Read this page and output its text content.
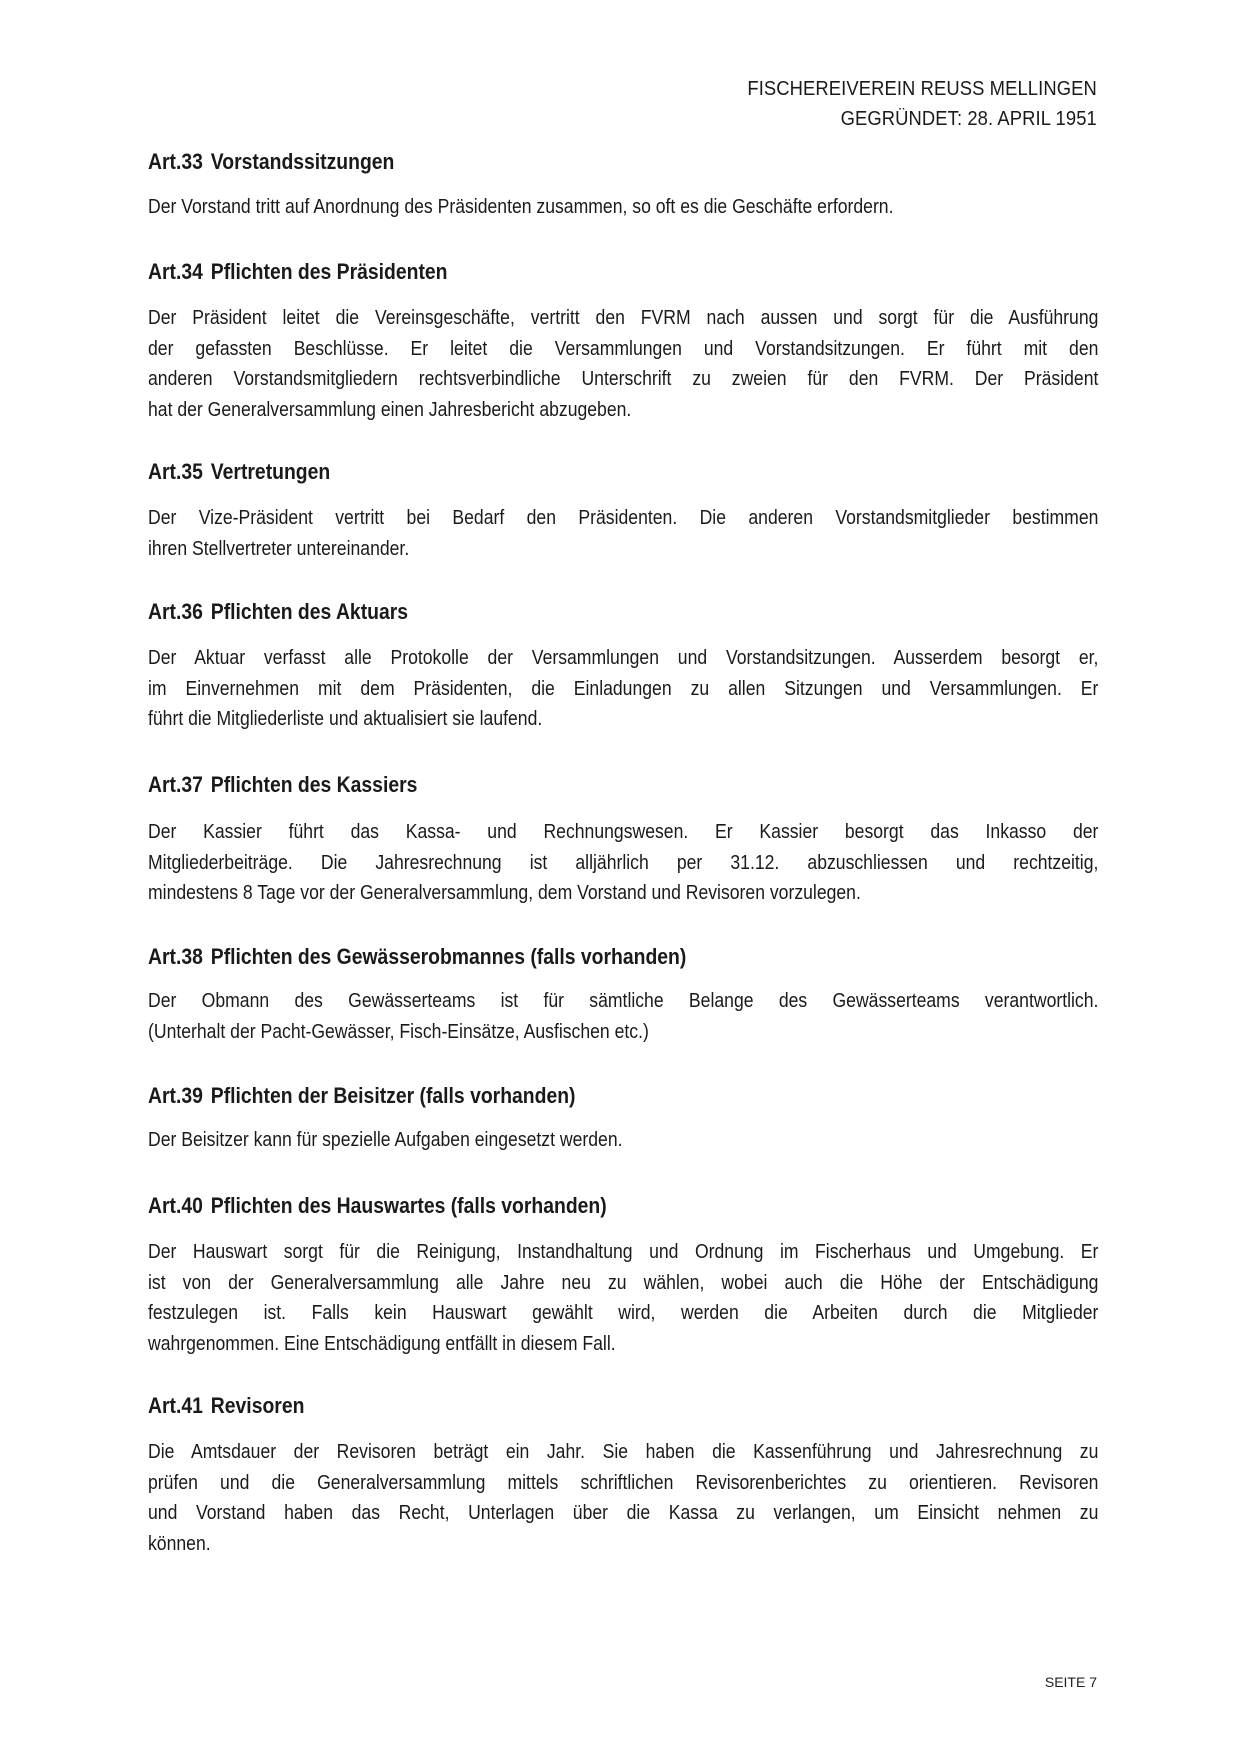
FISCHEREIVEREIN REUSS MELLINGEN
GEGRÜNDET: 28. APRIL 1951
Art.33 Vorstandssitzungen
Der Vorstand tritt auf Anordnung des Präsidenten zusammen, so oft es die Geschäfte erfordern.
Art.34 Pflichten des Präsidenten
Der Präsident leitet die Vereinsgeschäfte, vertritt den FVRM nach aussen und sorgt für die Ausführung
der gefassten Beschlüsse. Er leitet die Versammlungen und Vorstandsitzungen. Er führt mit den
anderen Vorstandsmitgliedern rechtsverbindliche Unterschrift zu zweien für den FVRM. Der Präsident
hat der Generalversammlung einen Jahresbericht abzugeben.
Art.35 Vertretungen
Der Vize-Präsident vertritt bei Bedarf den Präsidenten. Die anderen Vorstandsmitglieder bestimmen
ihren Stellvertreter untereinander.
Art.36 Pflichten des Aktuars
Der Aktuar verfasst alle Protokolle der Versammlungen und Vorstandsitzungen. Ausserdem besorgt er,
im Einvernehmen mit dem Präsidenten, die Einladungen zu allen Sitzungen und Versammlungen. Er
führt die Mitgliederliste und aktualisiert sie laufend.
Art.37 Pflichten des Kassiers
Der Kassier führt das Kassa- und Rechnungswesen. Er Kassier besorgt das Inkasso der
Mitgliederbeiträge. Die Jahresrechnung ist alljährlich per 31.12. abzuschliessen und rechtzeitig,
mindestens 8 Tage vor der Generalversammlung, dem Vorstand und Revisoren vorzulegen.
Art.38 Pflichten des Gewässerobmannes (falls vorhanden)
Der Obmann des Gewässerteams ist für sämtliche Belange des Gewässerteams verantwortlich.
(Unterhalt der Pacht-Gewässer, Fisch-Einsätze, Ausfischen etc.)
Art.39 Pflichten der Beisitzer (falls vorhanden)
Der Beisitzer kann für spezielle Aufgaben eingesetzt werden.
Art.40 Pflichten des Hauswartes (falls vorhanden)
Der Hauswart sorgt für die Reinigung, Instandhaltung und Ordnung im Fischerhaus und Umgebung. Er
ist von der Generalversammlung alle Jahre neu zu wählen, wobei auch die Höhe der Entschädigung
festzulegen ist. Falls kein Hauswart gewählt wird, werden die Arbeiten durch die Mitglieder
wahrgenommen. Eine Entschädigung entfällt in diesem Fall.
Art.41 Revisoren
Die Amtsdauer der Revisoren beträgt ein Jahr. Sie haben die Kassenführung und Jahresrechnung zu
prüfen und die Generalversammlung mittels schriftlichen Revisorenberichtes zu orientieren. Revisoren
und Vorstand haben das Recht, Unterlagen über die Kassa zu verlangen, um Einsicht nehmen zu
können.
SEITE 7
